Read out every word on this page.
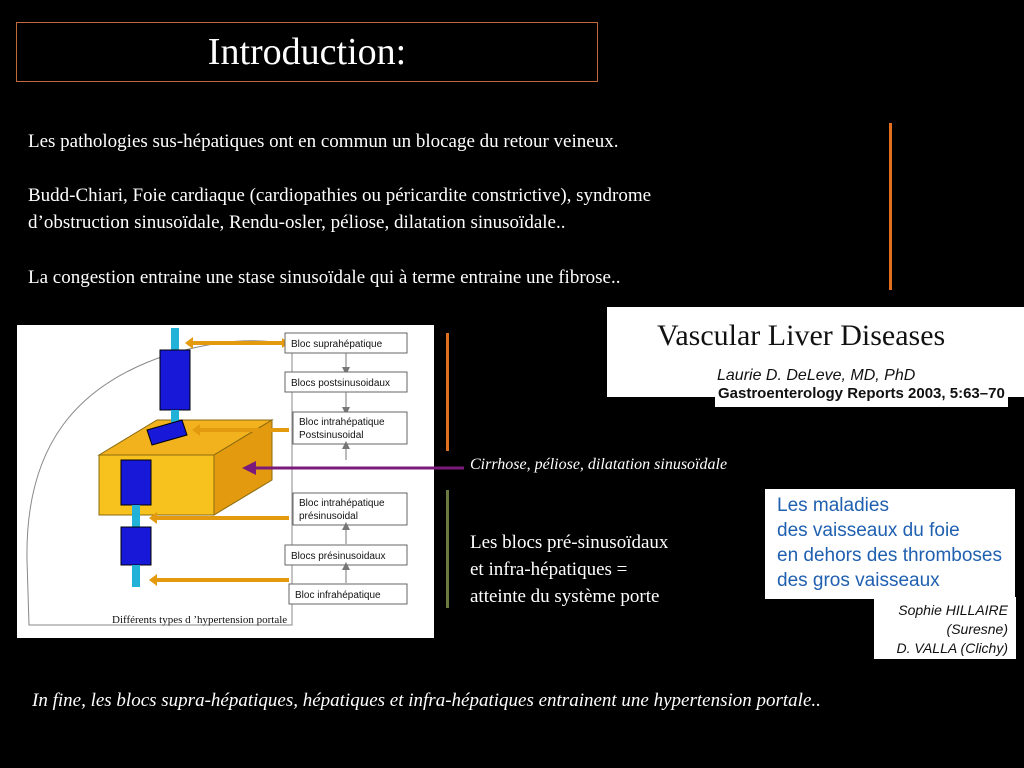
Introduction:
Les pathologies sus-hépatiques ont en commun un blocage du retour veineux.
Budd-Chiari, Foie cardiaque (cardiopathies ou péricardite constrictive), syndrome
d’obstruction sinusoïdale, Rendu-osler, péliose, dilatation sinusoïdale..
La congestion entraine une stase sinusoïdale qui à terme entraine une fibrose..
Vascular Liver Diseases
Laurie D. DeLeve, MD, PhD
Gastroenterology Reports 2003, 5:63–70
Bloc suprahépatique
Blocs postsinusoidaux
Bloc intrahépatique
Postsinusoidal
Bloc intrahépatique
présinusoidal
Blocs présinusoidaux
Bloc infrahépatique
Différents types d ’hypertension portale
Cirrhose, péliose, dilatation sinusoïdale
Les blocs pré-sinusoïdaux
et infra-hépatiques =
atteinte du système porte
Les maladies
des vaisseaux du foie
en dehors des thromboses
des gros vaisseaux
Sophie HILLAIRE
(Suresne)
D. VALLA (Clichy)
In fine, les blocs supra-hépatiques, hépatiques et infra-hépatiques entrainent une hypertension portale..
